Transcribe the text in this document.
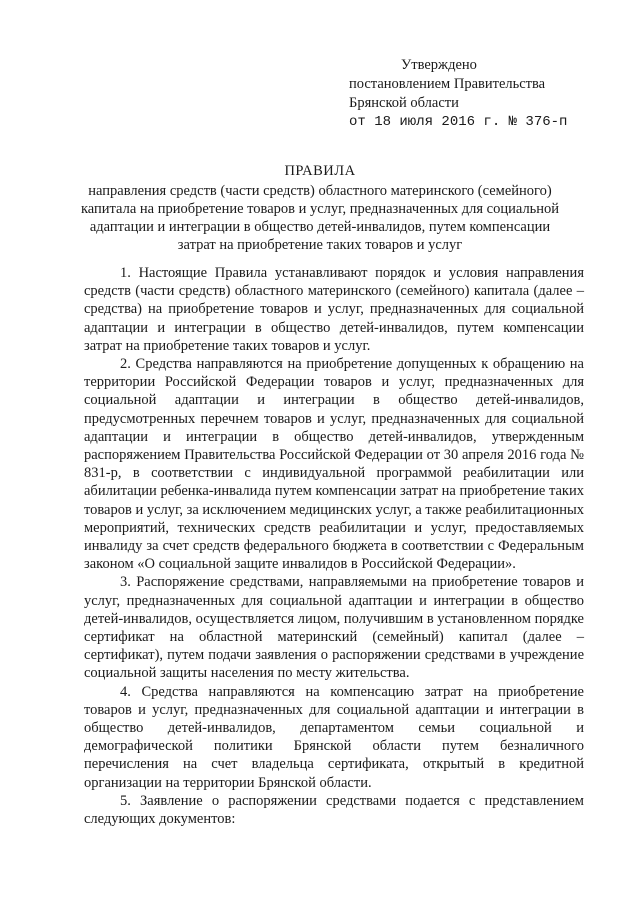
Утверждено
постановлением Правительства
Брянской области
от 18 июля 2016 г. № 376-п
ПРАВИЛА
направления средств (части средств) областного материнского (семейного) капитала на приобретение товаров и услуг, предназначенных для социальной адаптации и интеграции в общество детей-инвалидов, путем компенсации затрат на приобретение таких товаров и услуг

1. Настоящие Правила устанавливают порядок и условия направления средств (части средств) областного материнского (семейного) капитала (далее – средства) на приобретение товаров и услуг, предназначенных для социальной адаптации и интеграции в общество детей-инвалидов, путем компенсации затрат на приобретение таких товаров и услуг.

2. Средства направляются на приобретение допущенных к обращению на территории Российской Федерации товаров и услуг, предназначенных для социальной адаптации и интеграции в общество детей-инвалидов, предусмотренных перечнем товаров и услуг, предназначенных для социальной адаптации и интеграции в общество детей-инвалидов, утвержденным распоряжением Правительства Российской Федерации от 30 апреля 2016 года № 831-р, в соответствии с индивидуальной программой реабилитации или абилитации ребенка-инвалида путем компенсации затрат на приобретение таких товаров и услуг, за исключением медицинских услуг, а также реабилитационных мероприятий, технических средств реабилитации и услуг, предоставляемых инвалиду за счет средств федерального бюджета в соответствии с Федеральным законом «О социальной защите инвалидов в Российской Федерации».

3. Распоряжение средствами, направляемыми на приобретение товаров и услуг, предназначенных для социальной адаптации и интеграции в общество детей-инвалидов, осуществляется лицом, получившим в установленном порядке сертификат на областной материнский (семейный) капитал (далее – сертификат), путем подачи заявления о распоряжении средствами в учреждение социальной защиты населения по месту жительства.

4. Средства направляются на компенсацию затрат на приобретение товаров и услуг, предназначенных для социальной адаптации и интеграции в общество детей-инвалидов, департаментом семьи социальной и демографической политики Брянской области путем безналичного перечисления на счет владельца сертификата, открытый в кредитной организации на территории Брянской области.

5. Заявление о распоряжении средствами подается с представлением следующих документов:
